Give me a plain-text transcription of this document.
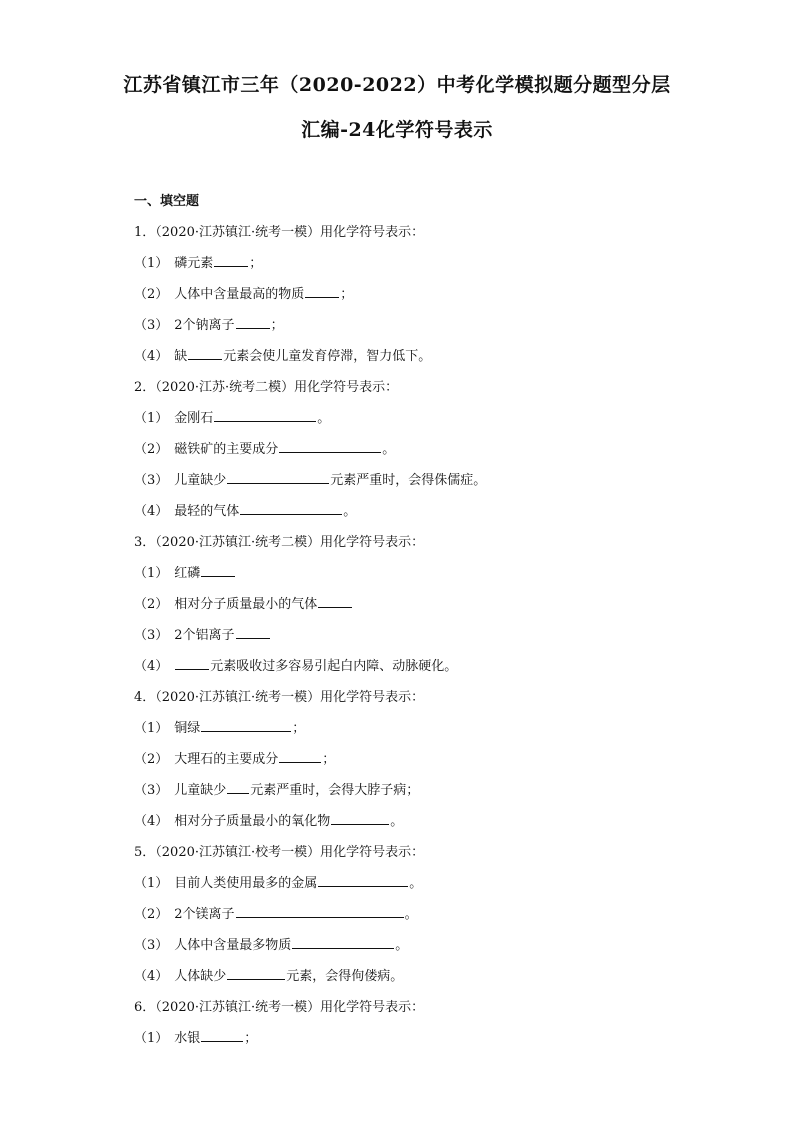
江苏省镇江市三年（2020-2022）中考化学模拟题分题型分层
汇编-24化学符号表示
一、填空题
1．（2020·江苏镇江·统考一模）用化学符号表示：
（1） 磷元素	；
（2） 人体中含量最高的物质	；
（3） 2个钠离子	；
（4） 缺	元素会使儿童发育停滞，智力低下。
2．（2020·江苏·统考二模）用化学符号表示：
（1） 金刚石	。
（2） 磁铁矿的主要成分	。
（3） 儿童缺少	元素严重时，会得侏儒症。
（4） 最轻的气体	。
3．（2020·江苏镇江·统考二模）用化学符号表示：
（1） 红磷
（2） 相对分子质量最小的气体
（3） 2个铝离子
（4）	元素吸收过多容易引起白内障、动脉硬化。
4．（2020·江苏镇江·统考一模）用化学符号表示：
（1） 铜绿	；
（2） 大理石的主要成分	；
（3） 儿童缺少 元素严重时，会得大脖子病；
（4） 相对分子质量最小的氧化物	。
5．（2020·江苏镇江·校考一模）用化学符号表示：
（1） 目前人类使用最多的金属	。
（2） 2个镁离子	。
（3） 人体中含量最多物质	。
（4） 人体缺少	元素，会得佝偻病。
6．（2020·江苏镇江·统考一模）用化学符号表示：
（1） 水银	；
